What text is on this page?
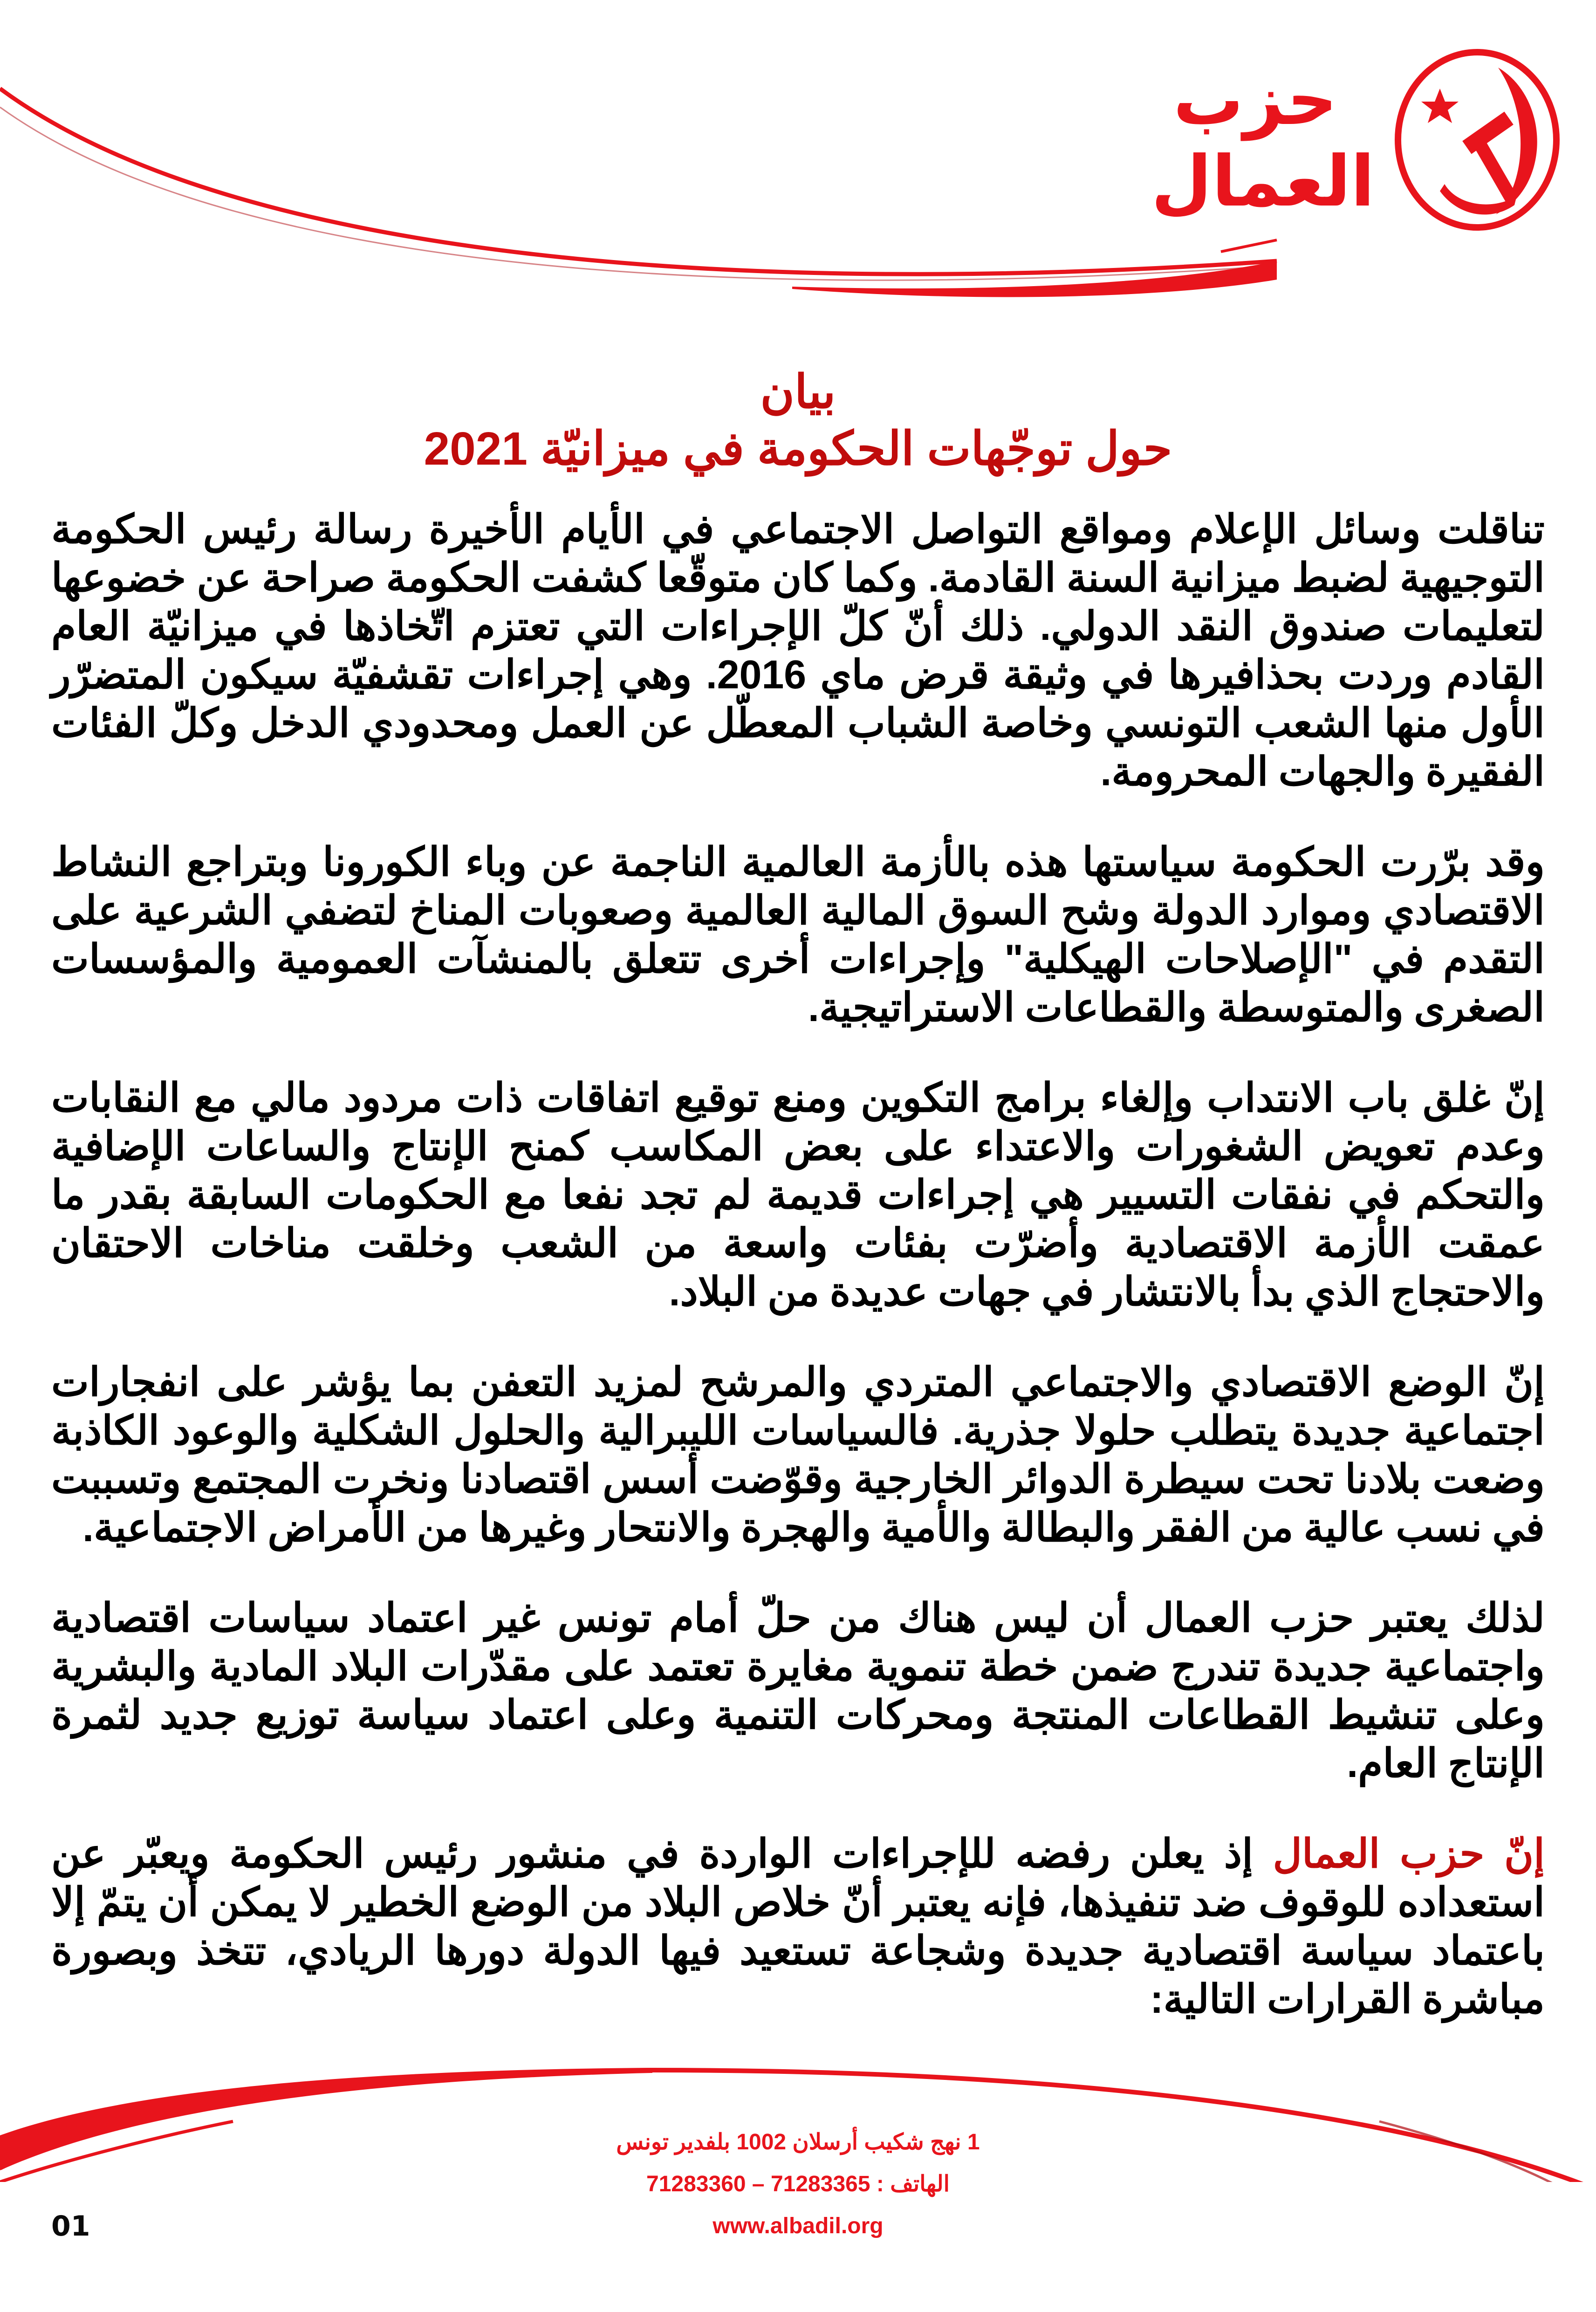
حزب
العمال
بيان
حول توجّهات الحكومة في ميزانيّة 2021

تناقلت وسائل الإعلام ومواقع التواصل الاجتماعي في الأيام الأخيرة رسالة رئيس الحكومة التوجيهية لضبط ميزانية السنة القادمة. وكما كان متوقّعا كشفت الحكومة صراحة عن خضوعها لتعليمات صندوق النقد الدولي. ذلك أنّ كلّ الإجراءات التي تعتزم اتّخاذها في ميزانيّة العام القادم وردت بحذافيرها في وثيقة قرض ماي 2016. وهي إجراءات تقشفيّة سيكون المتضرّر الأول منها الشعب التونسي وخاصة الشباب المعطّل عن العمل ومحدودي الدخل وكلّ الفئات الفقيرة والجهات المحرومة.

وقد برّرت الحكومة سياستها هذه بالأزمة العالمية الناجمة عن وباء الكورونا وبتراجع النشاط الاقتصادي وموارد الدولة وشح السوق المالية العالمية وصعوبات المناخ لتضفي الشرعية على التقدم في "الإصلاحات الهيكلية" وإجراءات أخرى تتعلق بالمنشآت العمومية والمؤسسات الصغرى والمتوسطة والقطاعات الاستراتيجية.

إنّ غلق باب الانتداب وإلغاء برامج التكوين ومنع توقيع اتفاقات ذات مردود مالي مع النقابات وعدم تعويض الشغورات والاعتداء على بعض المكاسب كمنح الإنتاج والساعات الإضافية والتحكم في نفقات التسيير هي إجراءات قديمة لم تجد نفعا مع الحكومات السابقة بقدر ما عمقت الأزمة الاقتصادية وأضرّت بفئات واسعة من الشعب وخلقت مناخات الاحتقان والاحتجاج الذي بدأ بالانتشار في جهات عديدة من البلاد.

إنّ الوضع الاقتصادي والاجتماعي المتردي والمرشح لمزيد التعفن بما يؤشر على انفجارات اجتماعية جديدة يتطلب حلولا جذرية. فالسياسات الليبرالية والحلول الشكلية والوعود الكاذبة وضعت بلادنا تحت سيطرة الدوائر الخارجية وقوّضت أسس اقتصادنا ونخرت المجتمع وتسببت في نسب عالية من الفقر والبطالة والأمية والهجرة والانتحار وغيرها من الأمراض الاجتماعية.

لذلك يعتبر حزب العمال أن ليس هناك من حلّ أمام تونس غير اعتماد سياسات اقتصادية واجتماعية جديدة تندرج ضمن خطة تنموية مغايرة تعتمد على مقدّرات البلاد المادية والبشرية وعلى تنشيط القطاعات المنتجة ومحركات التنمية وعلى اعتماد سياسة توزيع جديد لثمرة الإنتاج العام.

إنّ حزب العمال إذ يعلن رفضه للإجراءات الواردة في منشور رئيس الحكومة ويعبّر عن استعداده للوقوف ضد تنفيذها، فإنه يعتبر أنّ خلاص البلاد من الوضع الخطير لا يمكن أن يتمّ إلا باعتماد سياسة اقتصادية جديدة وشجاعة تستعيد فيها الدولة دورها الريادي، تتخذ وبصورة مباشرة القرارات التالية:

1 نهج شكيب أرسلان 1002 بلفدير تونس
الهاتف : 71283365 – 71283360
www.albadil.org
01
